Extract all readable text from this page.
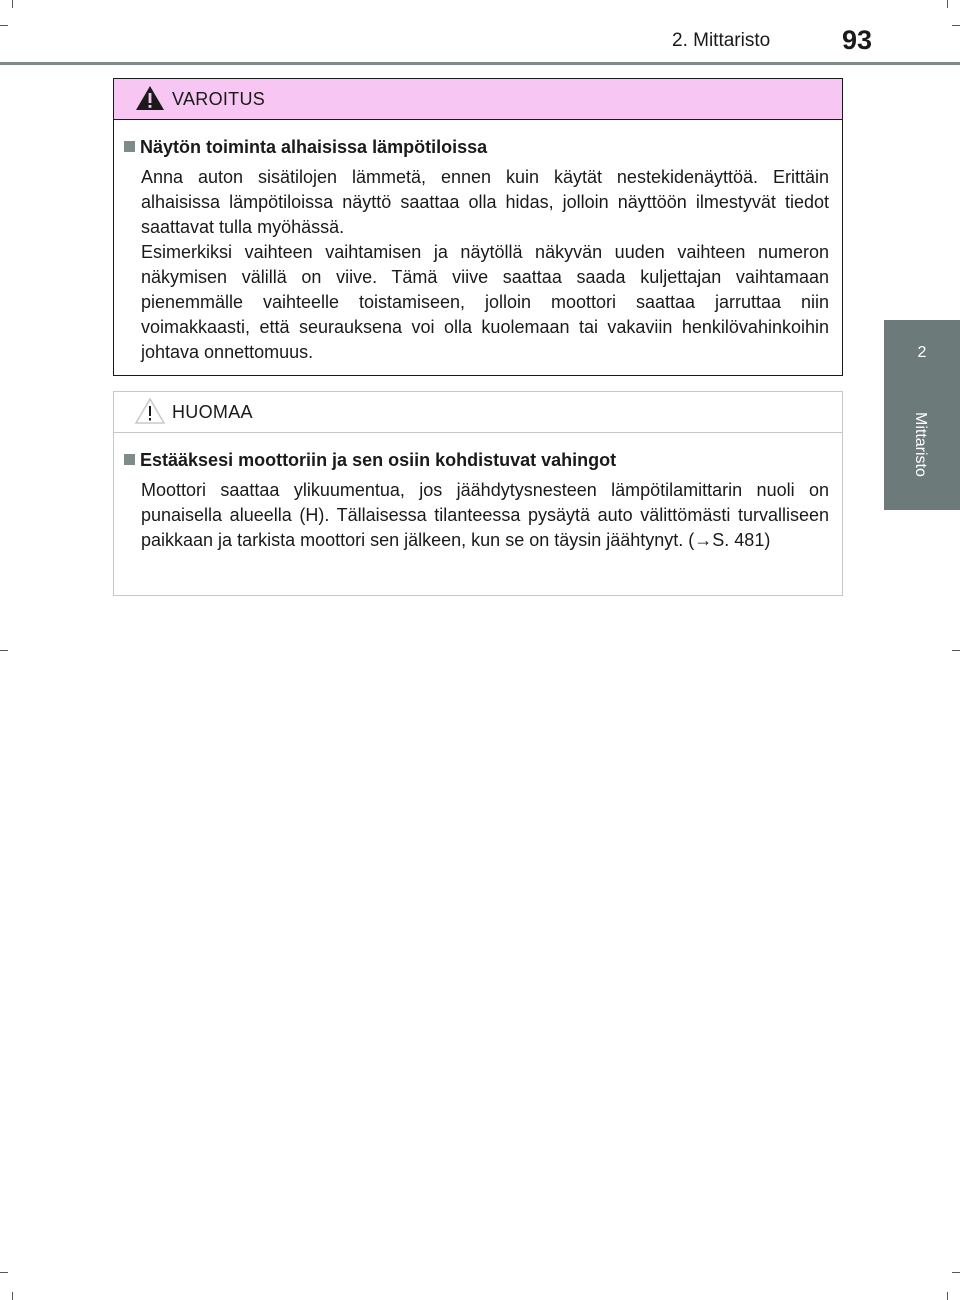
2. Mittaristo	93
2
Mittaristo
VAROITUS
Näytön toiminta alhaisissa lämpötiloissa

Anna auton sisätilojen lämmetä, ennen kuin käytät nestekidenäyttöä. Erittäin alhaisissa lämpötiloissa näyttö saattaa olla hidas, jolloin näyttöön ilmestyvät tiedot saattavat tulla myöhässä.

Esimerkiksi vaihteen vaihtamisen ja näytöllä näkyvän uuden vaihteen numeron näkymisen välillä on viive. Tämä viive saattaa saada kuljettajan vaihtamaan pienemmälle vaihteelle toistamiseen, jolloin moottori saattaa jarruttaa niin voimakkaasti, että seurauksena voi olla kuolemaan tai vakaviin henkilövahinkoihin johtava onnettomuus.

HUOMAA
Estääksesi moottoriin ja sen osiin kohdistuvat vahingot

Moottori saattaa ylikuumentua, jos jäähdytysnesteen lämpötilamittarin nuoli on punaisella alueella (H). Tällaisessa tilanteessa pysäytä auto välittömästi turvalliseen paikkaan ja tarkista moottori sen jälkeen, kun se on täysin jäähtynyt. (→S. 481)
